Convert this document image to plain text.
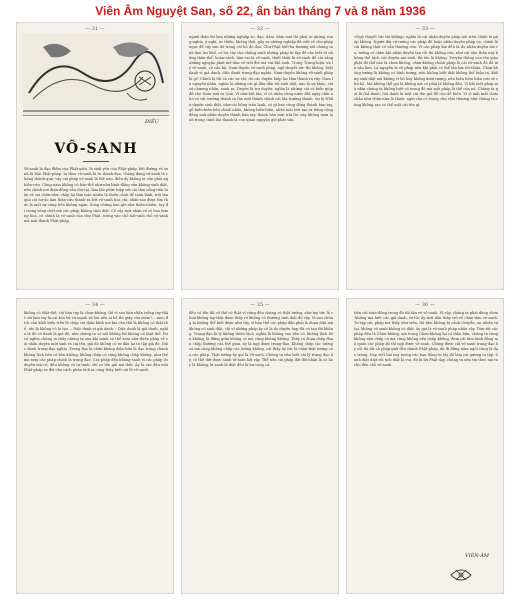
Viên Âm Nguyệt San, số 22, ấn bản tháng 7 và 8 năm 1936
— 31 —
ĐIỀU
VÔ-SANH
Vô-sanh là đạo điểm của Phật-giáo, là sinh yếu của Phật-pháp, kết đường võ sanh là bốn Phật-pháp, ta theo vô-sanh là tu thành-đạo, chúng đang vô-sanh là chúng thành-quả; vậy cái pháp vô-sanh là thế nào, điều ấy không ta cần phải nghiên-cứu. Cùng nam không có bản-thể như-như bình-đẳng vẫn không sinh diệt, nên chính nơi diện-đồng vẫn tồn-tại, làm lấn phức hiệp với cái tâm sống-tiền hiện và sai chân-như, chấp lại lâm mặc nhiên là thiên cảnh để toàn lãnh, trôi lăn qua cõi hư-ảo làm thân-cửu thành-ra bớt vô-sanh hóa chỉ, nhân-sao được tìm thức là một sự cùng tiến không ngăn. Song chúng bao giờ như thiên-nhiên, tuy đi trong sống chết mà các pháp không sinh diệt. Có vậy mới nhận về có bao hương hoa, có chính là vô-sanh của chư Phật, trông vào chỗ bất-sinh chỗ vô-sanh mà mãi thành Phật-pháp.
— 32 —
người thân thì làm những nghiệp ác, đạo, dâm, dâm mới thì phải ra những vọng-nghĩa, ý-nghĩ, ác thiên, không thôi, gây ra những nghiệp-đã viết về cho-pháp ngục để vậy sau đó trong cõi hồ đó đọa. Chư Phật biết-ba thương xót chúng sanh làm lao khổ, có lúc tùy cho chúng sanh những pháp tu tập để cho biết rõ những thân-thể, hoàn-cảnh, tâm-sai là vô-sanh, thiết thiệt là vô-sanh để cùi sáng những nguyện phát mê tâm vẽ trôi đời mà vui bất sinh. Trong Trung-luận, và lý vô-sanh, có câu kệ: Nam-duyên vô-sanh pháp, ngộ thuyết tức thị không. Diệt danh vi giả danh, diệc danh trung-đạo nghĩa. Nam-duyên không vô-sanh pháp là gì? Chính là tất cả các sự vật, do các duyên hiệp lạc tâm thành ra vậy. Nam là nguyên-nhân, nghĩa là những cái gì đấu dẫn tới sinh diệt, nào là sự khác, cái cú-chương nhân, sanh ra. Duyên là trợ duyên, nghĩa là những cái có kiểu giúp đỡ cho Nam mới ra Quả. Ví như hột lúa; vì có nhân cùng nước đất ngày chín nhờ có vật trưởng thành ra lúa mới thành chính cái lúa trưởng thành. Sự lý Nhân-duyên sinh diệt, như-cái bông trần lạnh, có gì bao cũng đồng thành bàn tay, gỗ biến-biến bên chính nhân, không biến-biến, nhân mãi trời tạo ra tiếng cộng đồng mới nhân-duyên thành bàn tay, thành bàn mát trái lúc này không mưa lạnh trong cảnh lúa thanh là con quan nguyện gió phát sân.
— 33 —
«Ngộ thuyết tức thị không» nghĩa là cái nhân-duyên pháp nói trên chính là pháp không. Người đời cứ tướng các pháp đó hoặc nhân-duyên-pháp nọ, chính là cái không thật có vẫn thường còn. Vì các pháp kia đều là do nhân-duyên mà ra, tướng có chìm khi nhân-duyên tan rồi thì không còn, như cái tâm thân này không thể tách các duyên mà sinh, thì tức là không. Truyền thống của tôn giáo phật đó thể nào là chơn-không, chơn-không chỉnh pháp là cái vô-sanh đó đó mà sáu làm. Là nguyên là vô pháp nên khi phải có thể lần lựa thì-thiện, Chơn-không tướng là không có hình tướng, nên không biết diệt không thể hiện ra, không sinh diệt mà không vì hồ hủy không dưới tượng, nên luân luôn hiện cơn sẽ chủ-hồ. Mà không thể gọi là không mà có phải là không đâu. Vì khi một pháp mà nhìn chúng ta không biết có trong đó mà mỗi pháp là thể của nó. Chúng ta gọi là Giả danh, Giả danh là một cái tên giả để cho dễ hiểu. Vì vì ánh mắt chưa chân như chân-như là thuộc ngôi-của có trong chu tâm thương như chúng ta cũng không sao có thể một cái tên gì.
— 34 —
khổng có thật-thể, cái bàn tay là chơn-không, thì vì sao bàn chân trông tay-thật cái bàn tay là sai kéo bẻ và mạnh và lau nếu ai bố thì giây còn mềm?... mục đích của khối hiểu trên lộ chấp cái thân hình nơi kia cho thế là không có thật thể, tức là không có lạ tạo. – Diệc danh vì giả danh. - Diệc danh là giả danh, nghĩa là đó có danh là giả đó, như chúng ta có nói không thì không có thật thể. Đó có nghĩa chúng ta thấy chúng ta sáu khi mình có thể xem như thiên pháp về cái nhân duyên mới sinh ra cái tên, giả đó không có từ đâu lại tu tập giả đó. Diệc danh trung-đạo nghĩa. Trung đạo là chân-không diệu-hữu là đạo trung chánh không lệch bên có bên không, không chấp có cũng không chấp không, như thế mà xem các pháp chính là trung đạo. Các pháp đều không-sanh vì các pháp do duyên mà có, đều không có tự tánh, chỉ có tên giả mà thôi. Ấy là các đầu mối Phật-pháp ra đời cho cách phân tích ai cũng thấy biết cái lẽ vô-sanh.
— 35 —
đều có tên thì có thể có thật vì cũng đều chẳng có thật tướng, như tay tức là chơn-không tay-thật được thấy rõ không có thường sinh diệt đó vậy. Vì sao chúng ta không thể biết được như vậy, vì bản thể các pháp đâu phải là đoạn diệt mà không có sinh diệt, chỉ vì những pháp ấy có là do duyên hợp thì có tan thì không. Trung-đạo là lý không thiên lệch, nghĩa là không vẹo bên có, không lệch bên không, là đứng giữa không có mà cũng không không. Thấy rõ đoạn chấp đoạn chấp thường của thế gian, ấy là ngộ được trung-đạo. Không chấp các tướng có mà cũng không chấp các tướng không, cái thấy ấy tức là chân-thật tướng của các pháp. Thật tướng ấy gọi là Vô-sanh. Chúng ta nên biết cái lý trung đạo ấy, có thể dứt được sanh tử luân hồi vậy. Thế nên cái pháp đời đời nhận là có hay là không, là sanh là diệt đều là hư vọng cả.
— 36 —
tiên cái toàn-đồng trong đó thì tận về vô-sanh. Vì vậy, chúng ta phải dùng chơn-không mà biết các giả-danh, từ lúc ấy mới dần thấy trở về chơn-tâm vô-sanh. Tu-tập các pháp mà thấy như trên, thì tâm không bị cảnh chuyển, an nhiên tự tại, không có sanh không có diệt, ấy gọi là vô-sanh pháp nhẫn vậy. Tóm-tắt các pháp đều là Chơn-không, mà trong Chơn-không lại có diệu hữu, chúng ta cũng không nên chấp có mà cũng không nên chấp không, đem cái tâm bình đẳng mà quán các pháp đó thì ngộ được vô-sanh. Chúng được cái vô-sanh trung-đạo ấy rồi thì tất cả pháp-giới đều thành Phật-pháp, dù đi đứng nằm ngồi cũng là đạo tràng. Nay viết bài này mong các bạn đồng-tu lấy đó làm cái gương tu tập. Sanh diệt diệt rồi tịch diệt là vui, đó là lời Phật dạy, chúng ta nên tin theo mà tu cho đến chỗ vô-sanh.
VIÊN-ÂM
